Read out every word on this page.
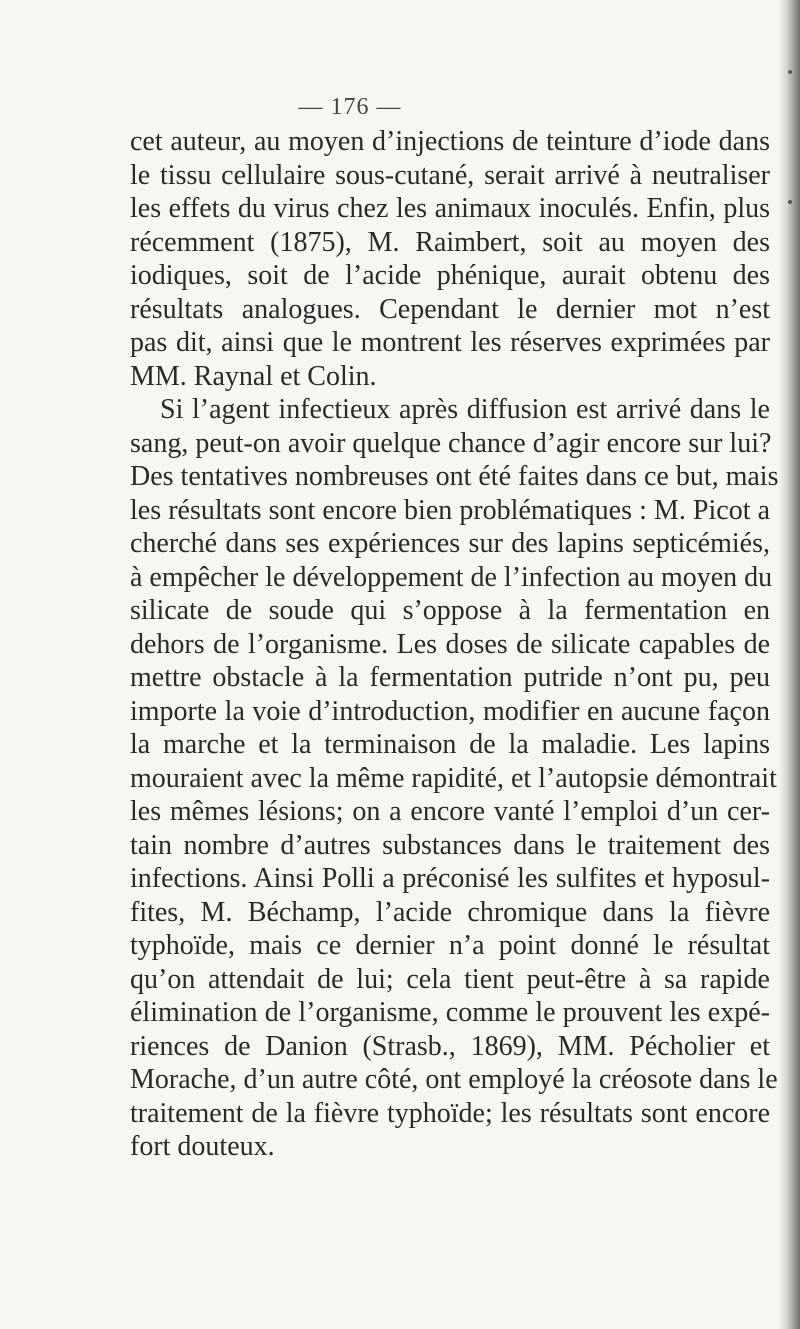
— 176 —
cet auteur, au moyen d’injections de teinture d’iode dans
le tissu cellulaire sous-cutané, serait arrivé à neutraliser
les effets du virus chez les animaux inoculés. Enfin, plus
récemment (1875), M. Raimbert, soit au moyen des
iodiques, soit de l’acide phénique, aurait obtenu des
résultats analogues. Cependant le dernier mot n’est
pas dit, ainsi que le montrent les réserves exprimées par
MM. Raynal et Colin.
Si l’agent infectieux après diffusion est arrivé dans le
sang, peut-on avoir quelque chance d’agir encore sur lui?
Des tentatives nombreuses ont été faites dans ce but, mais
les résultats sont encore bien problématiques : M. Picot a
cherché dans ses expériences sur des lapins septicémiés,
à empêcher le développement de l’infection au moyen du
silicate de soude qui s’oppose à la fermentation en
dehors de l’organisme. Les doses de silicate capables de
mettre obstacle à la fermentation putride n’ont pu, peu
importe la voie d’introduction, modifier en aucune façon
la marche et la terminaison de la maladie. Les lapins
mouraient avec la même rapidité, et l’autopsie démontrait
les mêmes lésions; on a encore vanté l’emploi d’un cer-
tain nombre d’autres substances dans le traitement des
infections. Ainsi Polli a préconisé les sulfites et hyposul-
fites, M. Béchamp, l’acide chromique dans la fièvre
typhoïde, mais ce dernier n’a point donné le résultat
qu’on attendait de lui; cela tient peut-être à sa rapide
élimination de l’organisme, comme le prouvent les expé-
riences de Danion (Strasb., 1869), MM. Pécholier et
Morache, d’un autre côté, ont employé la créosote dans le
traitement de la fièvre typhoïde; les résultats sont encore
fort douteux.
